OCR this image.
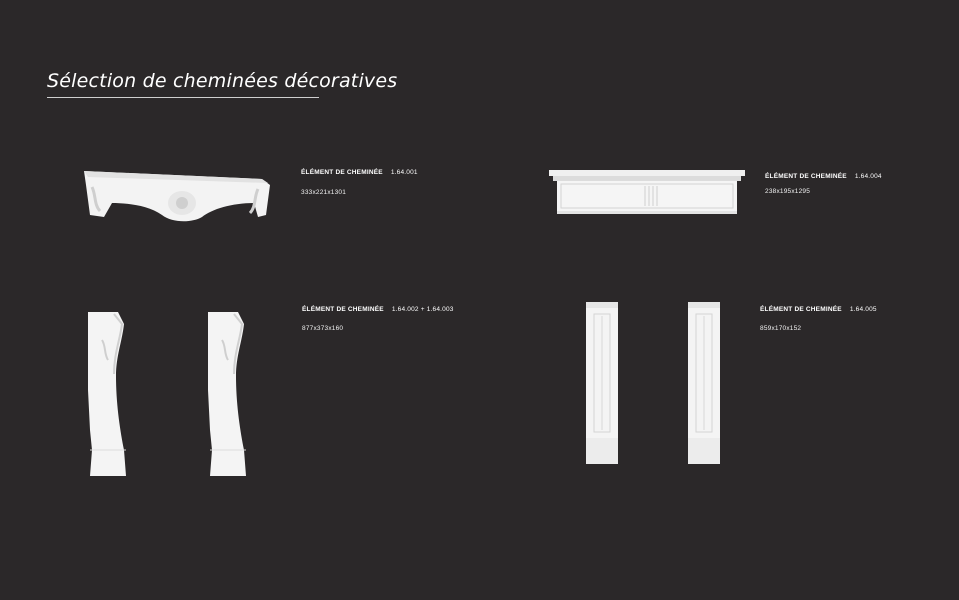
Sélection de cheminées décoratives
ÉLÉMENT DE CHEMINÉE 1.64.001
333x221x1301
ÉLÉMENT DE CHEMINÉE 1.64.004
238x195x1295
ÉLÉMENT DE CHEMINÉE 1.64.002 + 1.64.003
877x373x160
ÉLÉMENT DE CHEMINÉE 1.64.005
859x170x152
